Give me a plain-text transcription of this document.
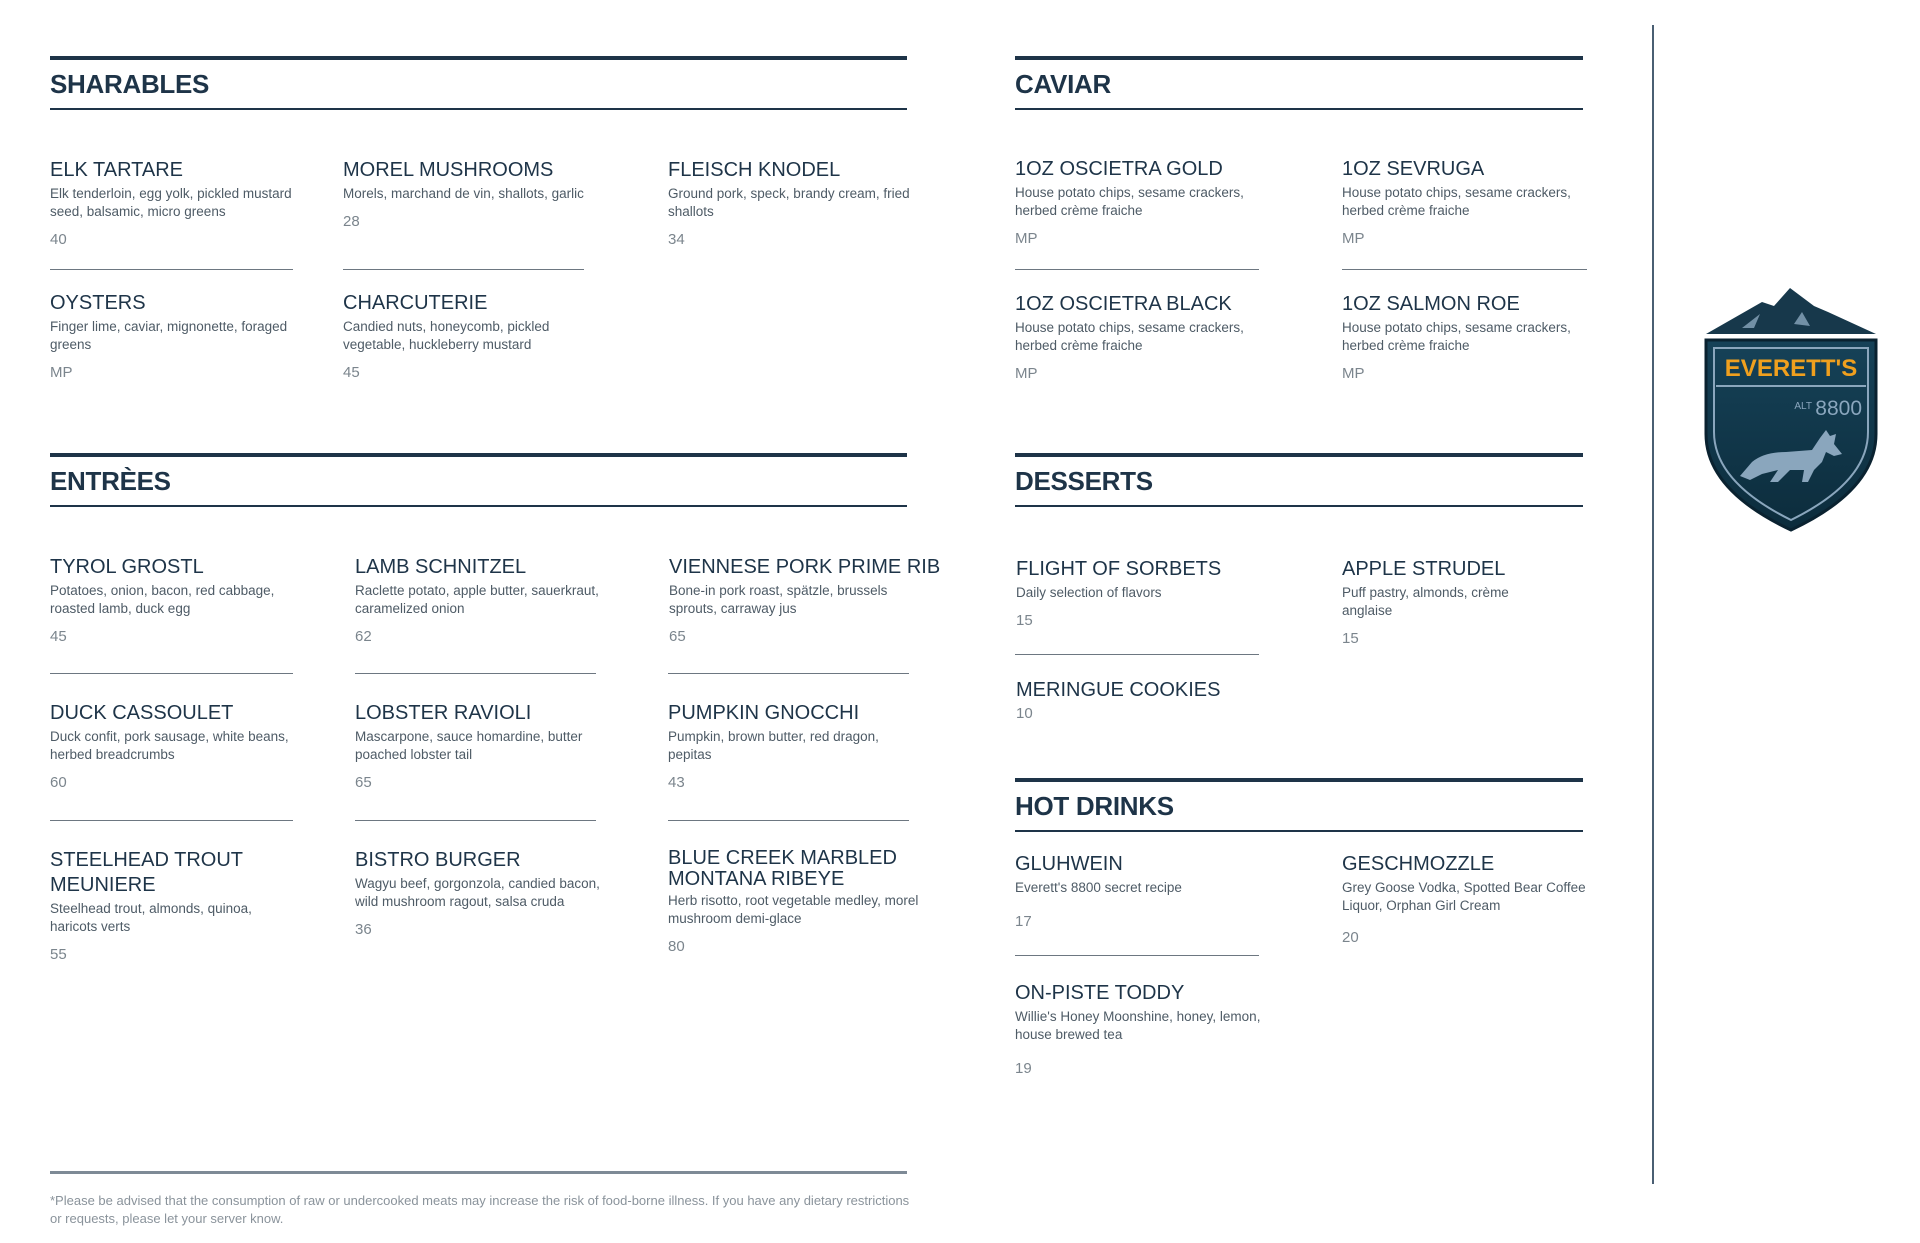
SHARABLES
ELK TARTARE
Elk tenderloin, egg yolk, pickled mustard seed, balsamic, micro greens
40
MOREL MUSHROOMS
Morels, marchand de vin, shallots, garlic
28
FLEISCH KNODEL
Ground pork, speck, brandy cream, fried shallots
34
OYSTERS
Finger lime, caviar, mignonette, foraged greens
MP
CHARCUTERIE
Candied nuts, honeycomb, pickled vegetable, huckleberry mustard
45
CAVIAR
1OZ OSCIETRA GOLD
House potato chips, sesame crackers, herbed crème fraiche
MP
1OZ SEVRUGA
House potato chips, sesame crackers, herbed crème fraiche
MP
1OZ OSCIETRA BLACK
House potato chips, sesame crackers, herbed crème fraiche
MP
1OZ SALMON ROE
House potato chips, sesame crackers, herbed crème fraiche
MP
ENTRÈES
TYROL GROSTL
Potatoes, onion, bacon, red cabbage, roasted lamb, duck egg
45
LAMB SCHNITZEL
Raclette potato, apple butter, sauerkraut, caramelized onion
62
VIENNESE PORK PRIME RIB
Bone-in pork roast, spätzle, brussels sprouts, carraway jus
65
DUCK CASSOULET
Duck confit, pork sausage, white beans, herbed breadcrumbs
60
LOBSTER RAVIOLI
Mascarpone, sauce homardine, butter poached lobster tail
65
PUMPKIN GNOCCHI
Pumpkin, brown butter, red dragon, pepitas
43
STEELHEAD TROUT MEUNIERE
Steelhead trout, almonds, quinoa, haricots verts
55
BISTRO BURGER
Wagyu beef, gorgonzola, candied bacon, wild mushroom ragout, salsa cruda
36
BLUE CREEK MARBLED MONTANA RIBEYE
Herb risotto, root vegetable medley, morel mushroom demi-glace
80
DESSERTS
FLIGHT OF SORBETS
Daily selection of flavors
15
APPLE STRUDEL
Puff pastry, almonds, crème anglaise
15
MERINGUE COOKIES
10
HOT DRINKS
GLUHWEIN
Everett's 8800 secret recipe
17
GESCHMOZZLE
Grey Goose Vodka, Spotted Bear Coffee Liquor, Orphan Girl Cream
20
ON-PISTE TODDY
Willie's Honey Moonshine, honey, lemon, house brewed tea
19
EVERETT'S
ALT 8800
*Please be advised that the consumption of raw or undercooked meats may increase the risk of food-borne illness. If you have any dietary restrictions or requests, please let your server know.
